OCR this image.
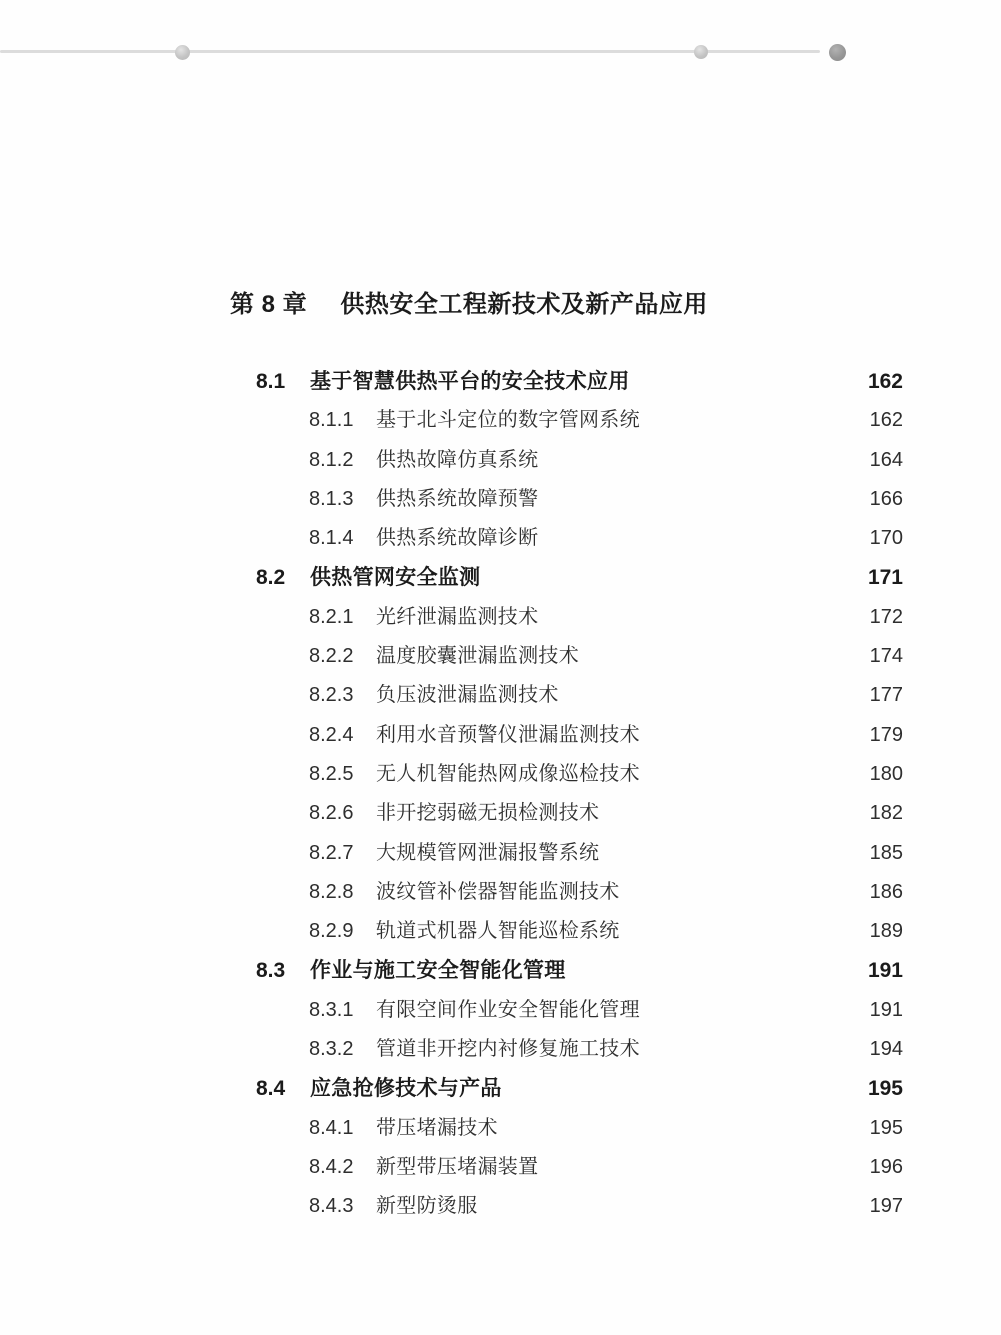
第 8 章 供热安全工程新技术及新产品应用
8.1 基于智慧供热平台的安全技术应用	162
8.1.1 基于北斗定位的数字管网系统	162
8.1.2 供热故障仿真系统	164
8.1.3 供热系统故障预警	166
8.1.4 供热系统故障诊断	170
8.2 供热管网安全监测	171
8.2.1 光纤泄漏监测技术	172
8.2.2 温度胶囊泄漏监测技术	174
8.2.3 负压波泄漏监测技术	177
8.2.4 利用水音预警仪泄漏监测技术	179
8.2.5 无人机智能热网成像巡检技术	180
8.2.6 非开挖弱磁无损检测技术	182
8.2.7 大规模管网泄漏报警系统	185
8.2.8 波纹管补偿器智能监测技术	186
8.2.9 轨道式机器人智能巡检系统	189
8.3 作业与施工安全智能化管理	191
8.3.1 有限空间作业安全智能化管理	191
8.3.2 管道非开挖内衬修复施工技术	194
8.4 应急抢修技术与产品	195
8.4.1 带压堵漏技术	195
8.4.2 新型带压堵漏装置	196
8.4.3 新型防烫服	197
